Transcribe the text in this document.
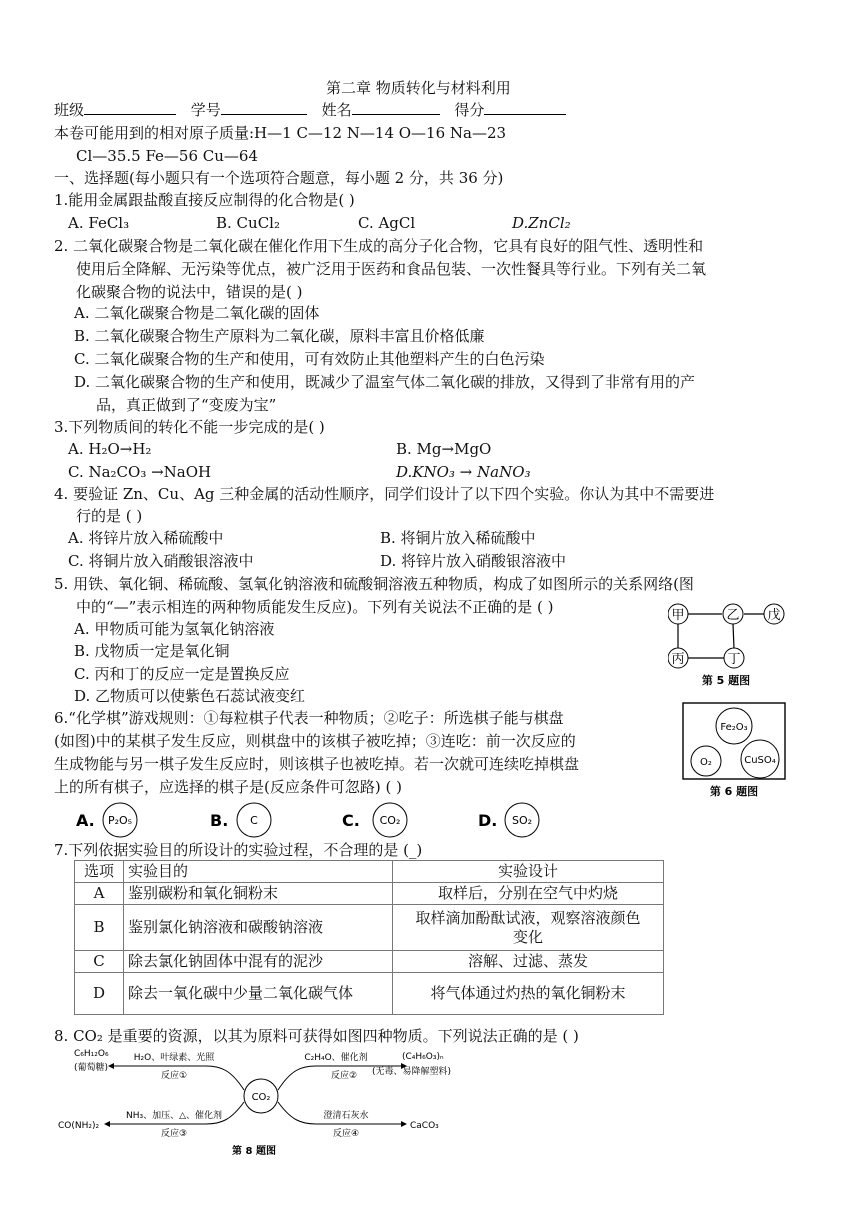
第二章 物质转化与材料利用
班级	学号	姓名	得分
本卷可能用到的相对原子质量:H—1 C—12 N—14 O—16 Na—23
Cl—35.5 Fe—56 Cu—64
一、选择题(每小题只有一个选项符合题意，每小题 2 分，共 36 分)
1.能用金属跟盐酸直接反应制得的化合物是( )
A. FeCl₃	B. CuCl₂	C. AgCl	D.ZnCl₂
2. 二氧化碳聚合物是二氧化碳在催化作用下生成的高分子化合物，它具有良好的阻气性、透明性和
使用后全降解、无污染等优点，被广泛用于医药和食品包装、一次性餐具等行业。下列有关二氧
化碳聚合物的说法中，错误的是( )
A. 二氧化碳聚合物是二氧化碳的固体
B. 二氧化碳聚合物生产原料为二氧化碳，原料丰富且价格低廉
C. 二氧化碳聚合物的生产和使用，可有效防止其他塑料产生的白色污染
D. 二氧化碳聚合物的生产和使用，既减少了温室气体二氧化碳的排放，又得到了非常有用的产
品，真正做到了“变废为宝”
3.下列物质间的转化不能一步完成的是( )
A. H₂O→H₂	B. Mg→MgO
C. Na₂CO₃ →NaOH	D.KNO₃ → NaNO₃
4. 要验证 Zn、Cu、Ag 三种金属的活动性顺序，同学们设计了以下四个实验。你认为其中不需要进
行的是 ( )
A. 将锌片放入稀硫酸中	B. 将铜片放入稀硫酸中
C. 将铜片放入硝酸银溶液中	D. 将锌片放入硝酸银溶液中
5. 用铁、氧化铜、稀硫酸、氢氧化钠溶液和硫酸铜溶液五种物质，构成了如图所示的关系网络(图
中的“—”表示相连的两种物质能发生反应)。下列有关说法不正确的是 ( )
A. 甲物质可能为氢氧化钠溶液
B. 戊物质一定是氧化铜
C. 丙和丁的反应一定是置换反应
D. 乙物质可以使紫色石蕊试液变红
甲	乙 戊
丙	丁
第 5 题图
6.“化学棋”游戏规则：①每粒棋子代表一种物质；②吃子：所选棋子能与棋盘
(如图)中的某棋子发生反应，则棋盘中的该棋子被吃掉；③连吃：前一次反应的
生成物能与另一棋子发生反应时，则该棋子也被吃掉。若一次就可连续吃掉棋盘
上的所有棋子，应选择的棋子是(反应条件可忽路) ( )
Fe₂O₃
O₂	CuSO₄
第 6 题图
A. P₂O₅	B. C	C. CO₂	D. SO₂
7.下列依据实验目的所设计的实验过程，不合理的是 (_)
选项	实验目的	实验设计
A	鉴别碳粉和氧化铜粉末	取样后，分别在空气中灼烧
B	鉴别氯化钠溶液和碳酸钠溶液	取样滴加酚酞试液，观察溶液颜色
变化
C	除去氯化钠固体中混有的泥沙	溶解、过滤、蒸发
D	除去一氧化碳中少量二氧化碳气体	将气体通过灼热的氧化铜粉末
8. CO₂ 是重要的资源，以其为原料可获得如图四种物质。下列说法正确的是 ( )
CO₂
C₆H₁₂O₆
(葡萄糖)
(C₄H₆O₃)ₙ
(无毒、易降解塑料)
CO(NH₂)₂	CaCO₃
H₂O、叶绿素、光照
反应①
C₂H₄O、催化剂
反应②
NH₃、加压、△、催化剂
反应③
澄清石灰水
反应④
第 8 题图
